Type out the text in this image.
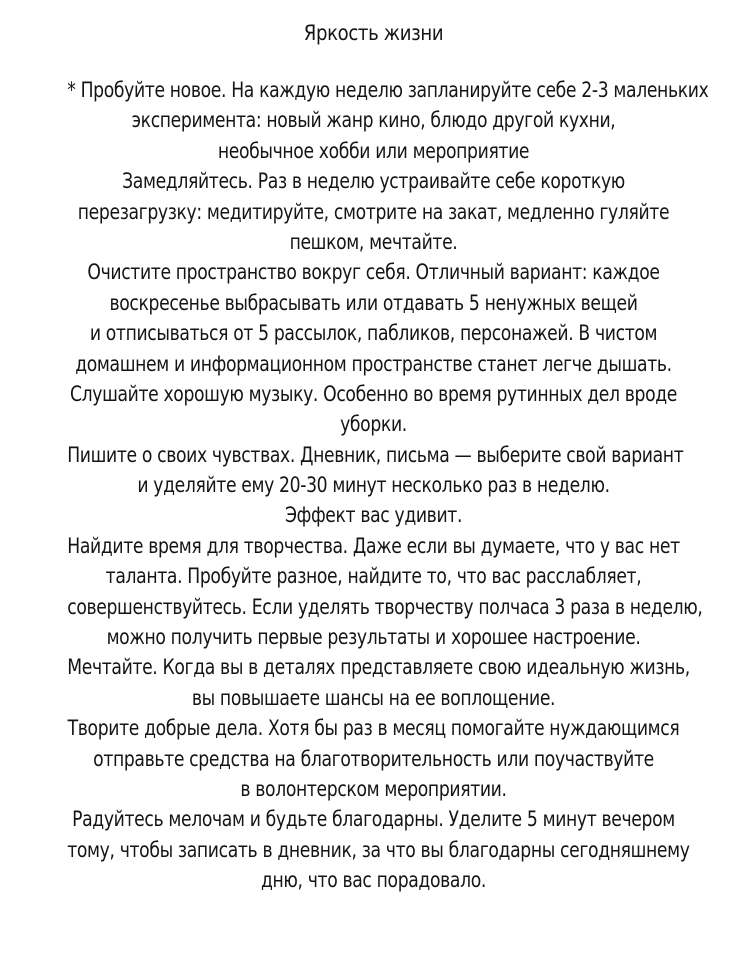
Яркость жизни
* Пробуйте новое. На каждую неделю запланируйте себе 2-3 маленьких
эксперимента: новый жанр кино, блюдо другой кухни,
необычное хобби или мероприятие
Замедляйтесь. Раз в неделю устраивайте себе короткую
перезагрузку: медитируйте, смотрите на закат, медленно гуляйте
пешком, мечтайте.
Очистите пространство вокруг себя. Отличный вариант: каждое
воскресенье выбрасывать или отдавать 5 ненужных вещей
и отписываться от 5 рассылок, пабликов, персонажей. В чистом
домашнем и информационном пространстве станет легче дышать.
Слушайте хорошую музыку. Особенно во время рутинных дел вроде
уборки.
Пишите о своих чувствах. Дневник, письма — выберите свой вариант
и уделяйте ему 20-30 минут несколько раз в неделю.
Эффект вас удивит.
Найдите время для творчества. Даже если вы думаете, что у вас нет
таланта. Пробуйте разное, найдите то, что вас расслабляет,
совершенствуйтесь. Если уделять творчеству полчаса 3 раза в неделю,
можно получить первые результаты и хорошее настроение.
Мечтайте. Когда вы в деталях представляете свою идеальную жизнь,
вы повышаете шансы на ее воплощение.
Творите добрые дела. Хотя бы раз в месяц помогайте нуждающимся
отправьте средства на благотворительность или поучаствуйте
в волонтерском мероприятии.
Радуйтесь мелочам и будьте благодарны. Уделите 5 минут вечером
тому, чтобы записать в дневник, за что вы благодарны сегодняшнему
дню, что вас порадовало.
